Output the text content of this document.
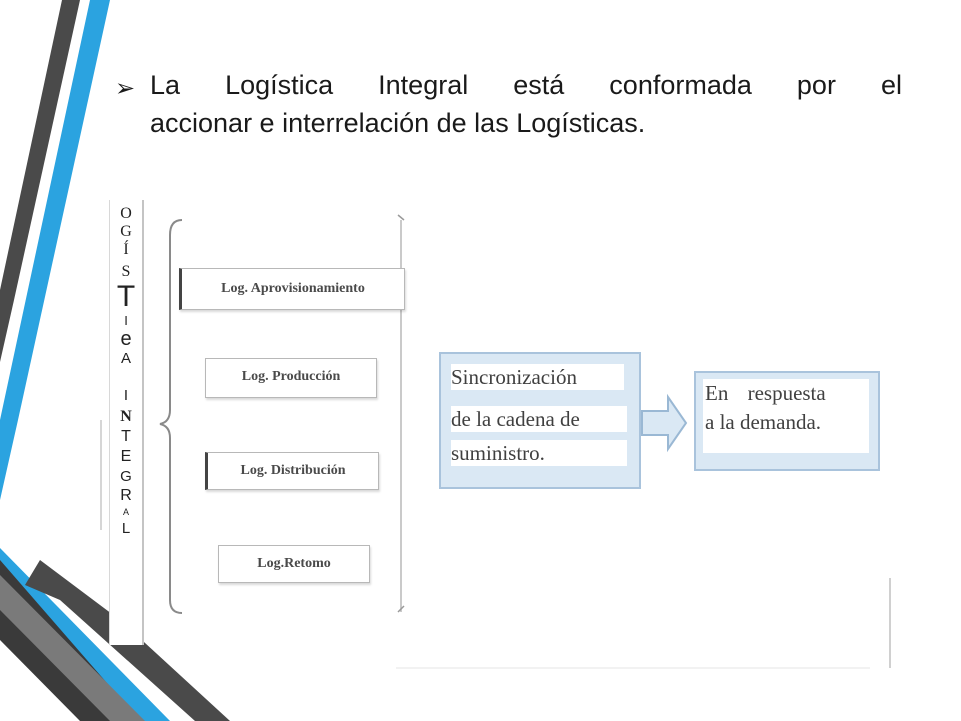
➢ La Logística Integral está conformada por el
accionar e interrelación de las Logísticas.
O
G
Í
S
T
I
e
A
I
N
T
E
G
R
A
L
Log. Aprovisionamiento
Log. Producción
Log. Distribución
Log.Retomo
Sincronización
de la cadena de
suministro.
En respuesta
a la demanda.
